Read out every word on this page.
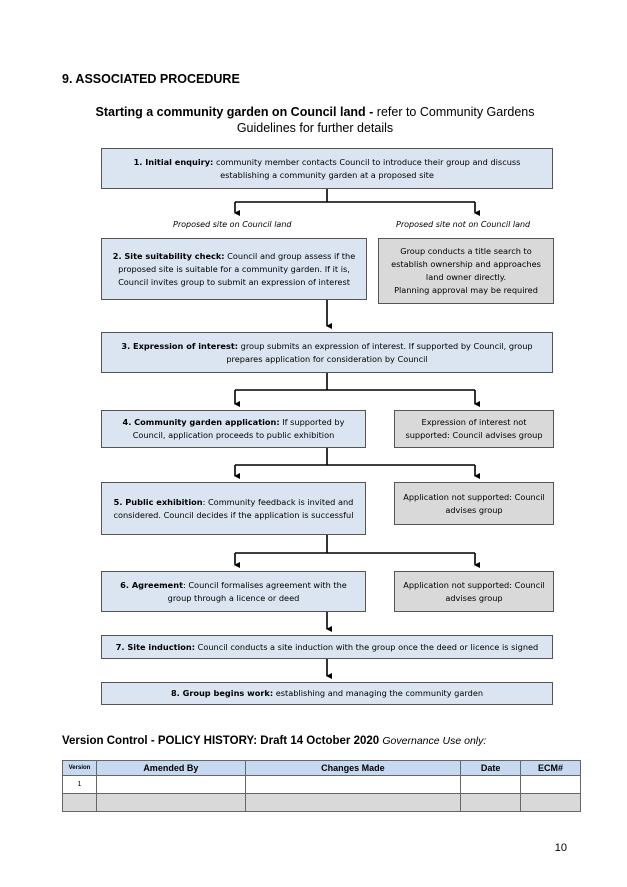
9. ASSOCIATED PROCEDURE
Starting a community garden on Council land - refer to Community Gardens Guidelines for further details
1. Initial enquiry: community member contacts Council to introduce their group and discuss establishing a community garden at a proposed site
Proposed site on Council land	Proposed site not on Council land
2. Site suitability check: Council and group assess if the proposed site is suitable for a community garden. If it is, Council invites group to submit an expression of interest
Group conducts a title search to establish ownership and approaches land owner directly.
Planning approval may be required
3. Expression of interest: group submits an expression of interest. If supported by Council, group prepares application for consideration by Council
4. Community garden application: If supported by Council, application proceeds to public exhibition
Expression of interest not supported: Council advises group
5. Public exhibition: Community feedback is invited and considered. Council decides if the application is successful
Application not supported: Council advises group
6. Agreement: Council formalises agreement with the group through a licence or deed
Application not supported: Council advises group
7. Site induction: Council conducts a site induction with the group once the deed or licence is signed
8. Group begins work: establishing and managing the community garden
Version Control - POLICY HISTORY: Draft 14 October 2020 Governance Use only:
Version	Amended By	Changes Made	Date	ECM#
1				

10
